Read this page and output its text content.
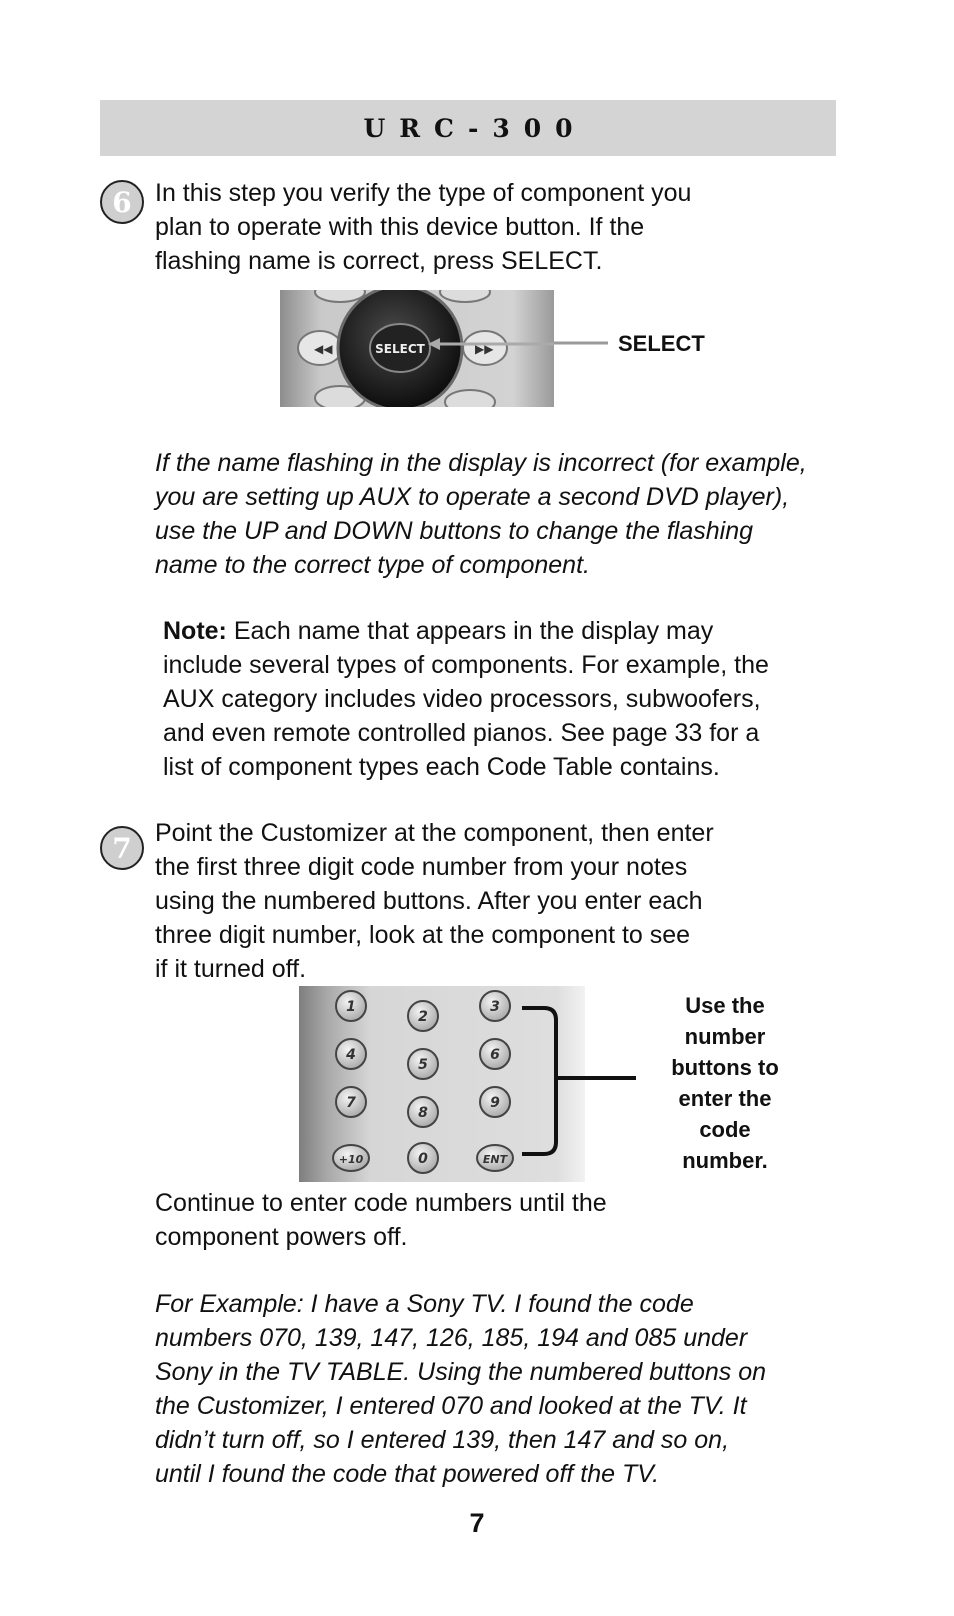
URC-300
6 In this step you verify the type of component you
plan to operate with this device button. If the
flashing name is correct, press SELECT.
◀◀	▶▶
SELECT	SELECT
If the name flashing in the display is incorrect (for example,
you are setting up AUX to operate a second DVD player),
use the UP and DOWN buttons to change the flashing
name to the correct type of component.
Note: Each name that appears in the display may
include several types of components. For example, the
AUX category includes video processors, subwoofers,
and even remote controlled pianos. See page 33 for a
list of component types each Code Table contains.
7 Point the Customizer at the component, then enter
the first three digit code number from your notes
using the numbered buttons. After you enter each
three digit number, look at the component to see
if it turned off.
1
2
3
4
5
6
7
8
9
+10	0	ENT
Use the
number
buttons to
enter the
code
number.
Continue to enter code numbers until the
component powers off.
For Example: I have a Sony TV. I found the code
numbers 070, 139, 147, 126, 185, 194 and 085 under
Sony in the TV TABLE. Using the numbered buttons on
the Customizer, I entered 070 and looked at the TV. It
didn’t turn off, so I entered 139, then 147 and so on,
until I found the code that powered off the TV.
7
